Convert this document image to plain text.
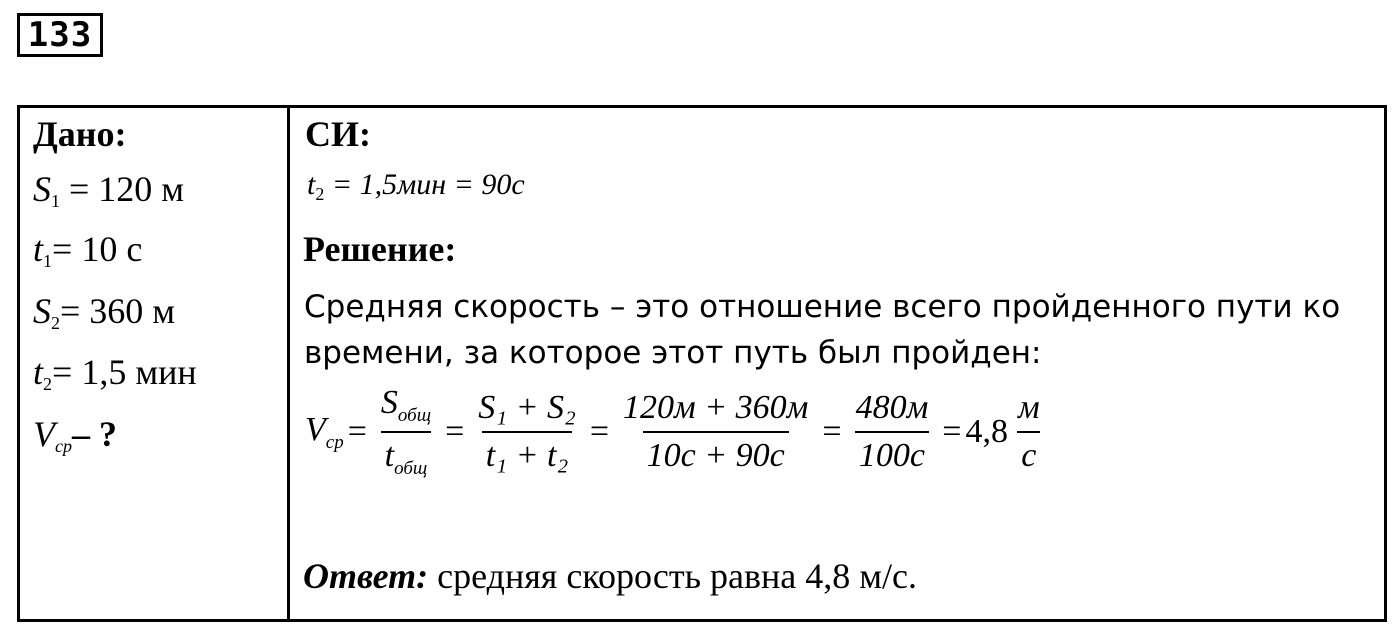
133
Дано:
$S_1 = 120$ м
$t_1= 10$ с
$S_2= 360$ м
$t_2= 1,5$ мин
$V_{ср}-$ ?
СИ:
$t_2 = 1,5мин = 90с$
Решение:
Средняя скорость – это отношение всего пройденного пути ко времени, за которое этот путь был пройден:
$V_{ср} = \frac{S_{общ}}{t_{общ}} = \frac{\text{S₁ + S₂}}{\text{t₁ + t₂}} = \frac{120м + 360м}{10с + 90с} = \frac{480м}{100с} = 4,8 \frac{м}{с}$
Ответ: средняя скорость равна 4,8 м/с.
